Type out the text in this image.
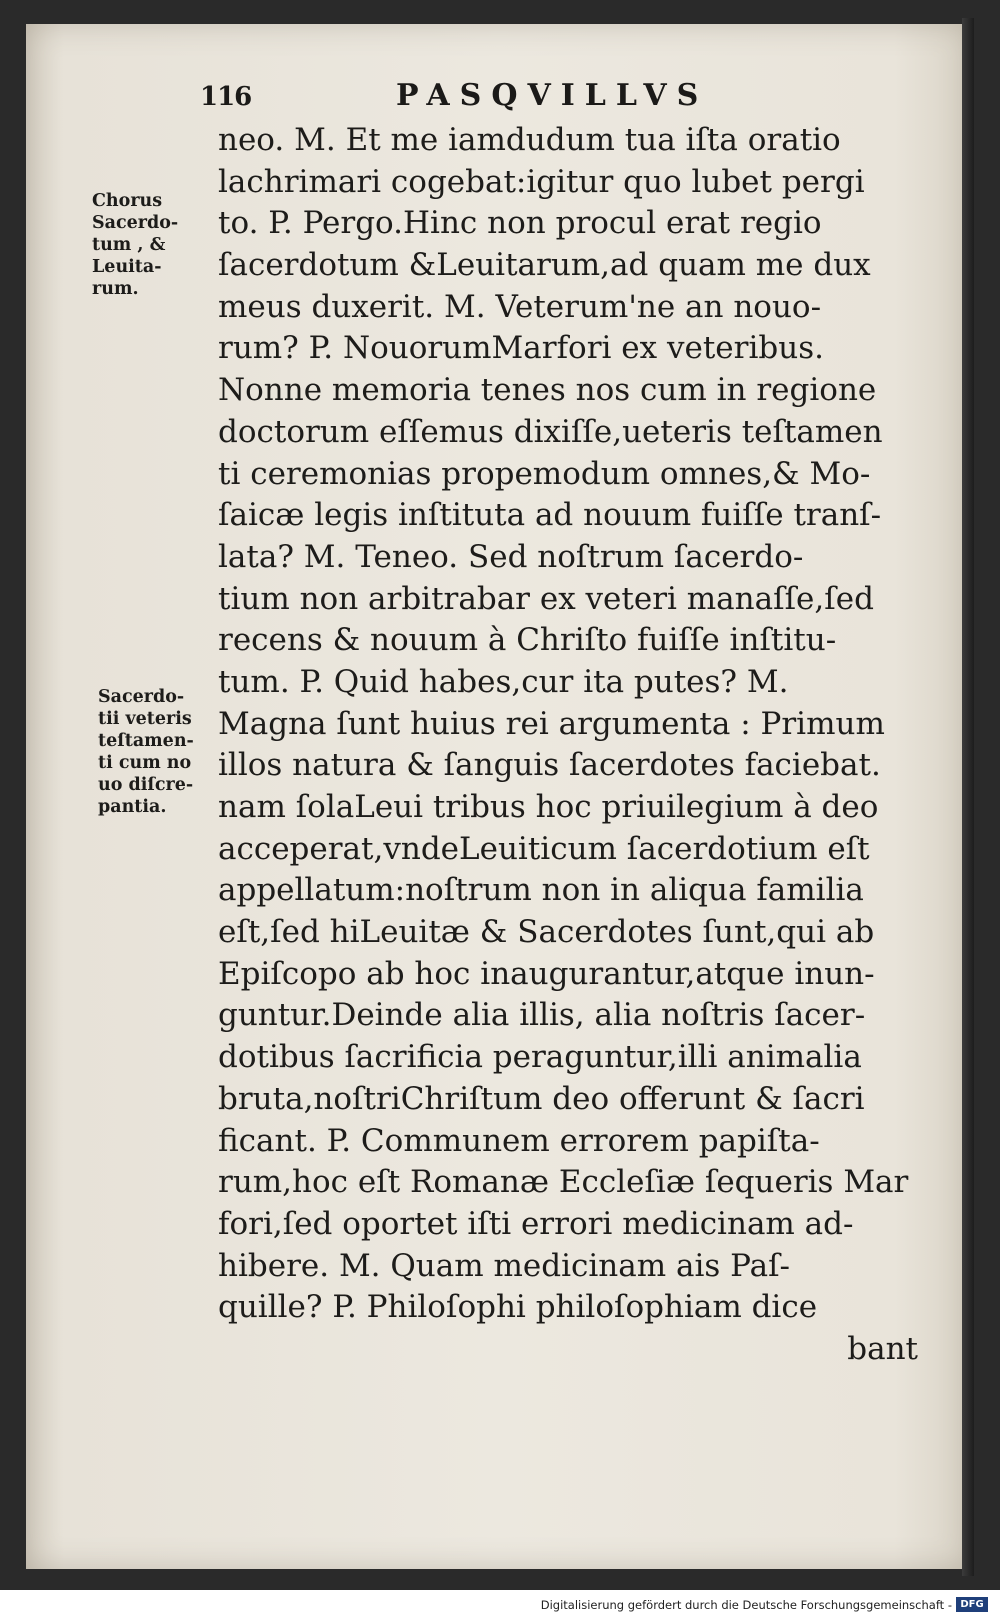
116	PASQVILLVS
Chorus
Sacerdo-
tum , &
Leuita-
rum.
Sacerdo-
tii veteris
teſtamen-
ti cum no
uo diſcre-
pantia.
neo. M. Et me iamdudum tua iſta oratio
lachrimari cogebat:igitur quo lubet pergi
to. P. Pergo.Hinc non procul erat regio
ſacerdotum &Leuitarum,ad quam me dux
meus duxerit. M. Veterum'ne an nouo-
rum? P. NouorumMarfori ex veteribus.
Nonne memoria tenes nos cum in regione
doctorum eſſemus dixiſſe,ueteris teſtamen
ti ceremonias propemodum omnes,& Mo-
ſaicæ legis inſtituta ad nouum fuiſſe tranſ-
lata? M. Teneo. Sed noſtrum ſacerdo-
tium non arbitrabar ex veteri manaſſe,ſed
recens & nouum à Chriſto fuiſſe inſtitu-
tum. P. Quid habes,cur ita putes? M.
Magna ſunt huius rei argumenta : Primum
illos natura & ſanguis ſacerdotes faciebat.
nam ſolaLeui tribus hoc priuilegium à deo
acceperat,vndeLeuiticum ſacerdotium eſt
appellatum:noſtrum non in aliqua familia
eſt,ſed hiLeuitæ & Sacerdotes ſunt,qui ab
Epiſcopo ab hoc inaugurantur,atque inun-
guntur.Deinde alia illis, alia noſtris ſacer-
dotibus ſacrificia peraguntur,illi animalia
bruta,noſtriChriſtum deo offerunt & ſacri
ficant. P. Communem errorem papiſta-
rum,hoc eſt Romanæ Eccleſiæ ſequeris Mar
fori,ſed oportet iſti errori medicinam ad-
hibere. M. Quam medicinam ais Paſ-
quille? P. Philoſophi philoſophiam dice
bant
Digitalisierung gefördert durch die Deutsche Forschungsgemeinschaft - DFG
